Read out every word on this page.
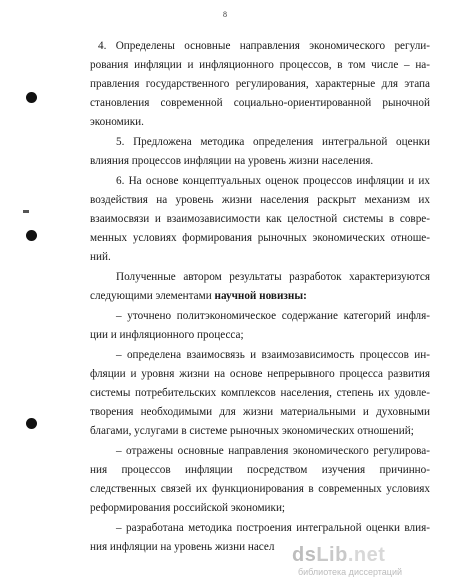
8
4. Определены основные направления экономического регули-
рования инфляции и инфляционного процессов, в том числе – на-
правления государственного регулирования, характерные для этапа
становления современной социально-ориентированной рыночной
экономики.
5. Предложена методика определения интегральной оценки
влияния процессов инфляции на уровень жизни населения.
6. На основе концептуальных оценок процессов инфляции и их
воздействия на уровень жизни населения раскрыт механизм их
взаимосвязи и взаимозависимости как целостной системы в совре-
менных условиях формирования рыночных экономических отноше-
ний.
Полученные автором результаты разработок характеризуются
следующими элементами научной новизны:
– уточнено политэкономическое содержание категорий инфля-
ции и инфляционного процесса;
– определена взаимосвязь и взаимозависимость процессов ин-
фляции и уровня жизни на основе непрерывного процесса развития
системы потребительских комплексов населения, степень их удовле-
творения необходимыми для жизни материальными и духовными
благами, услугами в системе рыночных экономических отношений;
– отражены основные направления экономического регулирова-
ния процессов инфляции посредством изучения причинно-
следственных связей их функционирования в современных условиях
реформирования российской экономики;
– разработана методика построения интегральной оценки влия-
ния инфляции на уровень жизни насел dsLib.net
библиотека диссертаций
